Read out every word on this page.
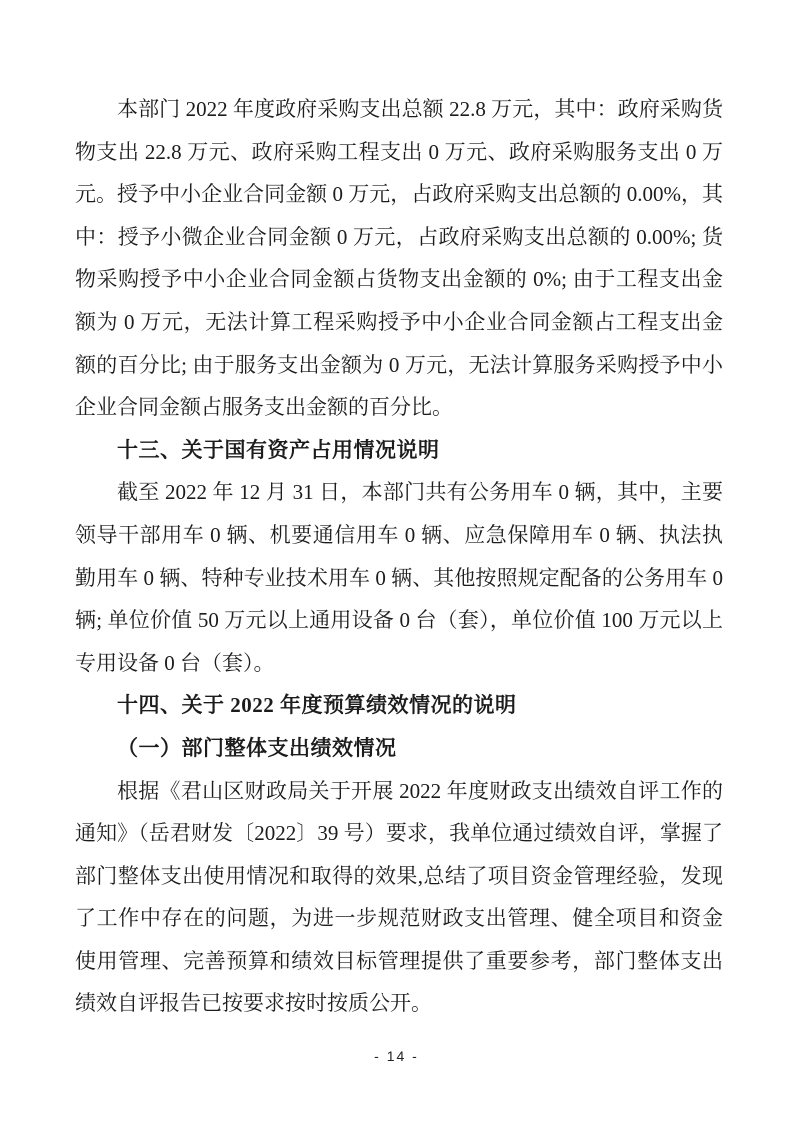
本部门 2022 年度政府采购支出总额 22.8 万元，其中：政府采购货物支出 22.8 万元、政府采购工程支出 0 万元、政府采购服务支出 0 万元。授予中小企业合同金额 0 万元，占政府采购支出总额的 0.00%，其中：授予小微企业合同金额 0 万元，占政府采购支出总额的 0.00%; 货物采购授予中小企业合同金额占货物支出金额的 0%; 由于工程支出金额为 0 万元，无法计算工程采购授予中小企业合同金额占工程支出金额的百分比; 由于服务支出金额为 0 万元，无法计算服务采购授予中小企业合同金额占服务支出金额的百分比。

十三、关于国有资产占用情况说明

截至 2022 年 12 月 31 日，本部门共有公务用车 0 辆，其中，主要领导干部用车 0 辆、机要通信用车 0 辆、应急保障用车 0 辆、执法执勤用车 0 辆、特种专业技术用车 0 辆、其他按照规定配备的公务用车 0 辆; 单位价值 50 万元以上通用设备 0 台（套），单位价值 100 万元以上专用设备 0 台（套）。

十四、关于 2022 年度预算绩效情况的说明
（一）部门整体支出绩效情况

根据《君山区财政局关于开展 2022 年度财政支出绩效自评工作的通知》（岳君财发〔2022〕39 号）要求，我单位通过绩效自评，掌握了部门整体支出使用情况和取得的效果,总结了项目资金管理经验，发现了工作中存在的问题，为进一步规范财政支出管理、健全项目和资金使用管理、完善预算和绩效目标管理提供了重要参考，部门整体支出绩效自评报告已按要求按时按质公开。

- 14 -
